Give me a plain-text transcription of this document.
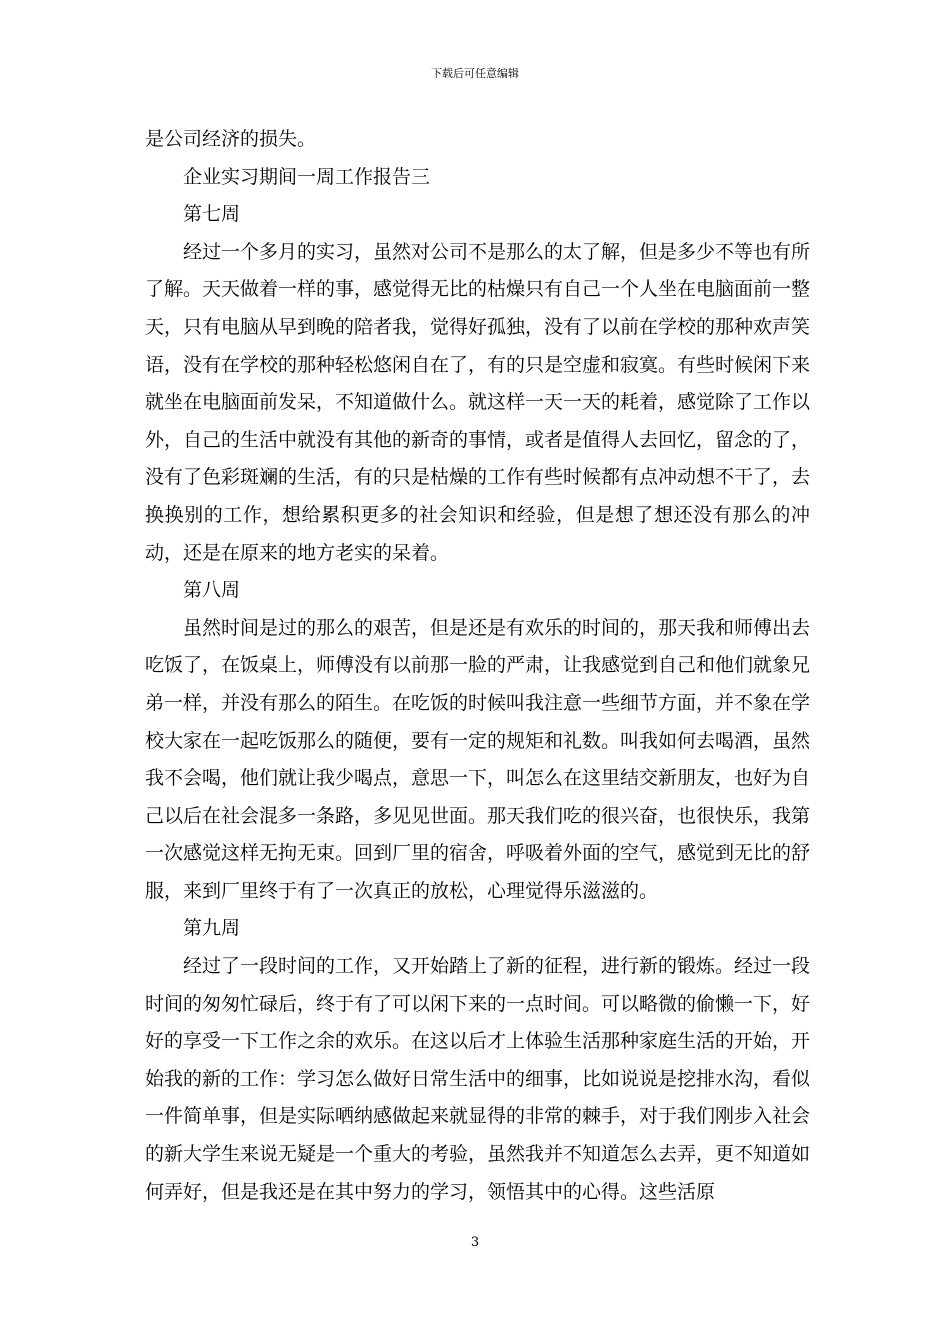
下载后可任意编辑

是公司经济的损失。

企业实习期间一周工作报告三

第七周

经过一个多月的实习，虽然对公司不是那么的太了解，但是多少不等也有所了解。天天做着一样的事，感觉得无比的枯燥只有自己一个人坐在电脑面前一整天，只有电脑从早到晚的陪者我，觉得好孤独，没有了以前在学校的那种欢声笑语，没有在学校的那种轻松悠闲自在了，有的只是空虚和寂寞。有些时候闲下来就坐在电脑面前发呆，不知道做什么。就这样一天一天的耗着，感觉除了工作以外，自己的生活中就没有其他的新奇的事情，或者是值得人去回忆，留念的了，没有了色彩斑斓的生活，有的只是枯燥的工作有些时候都有点冲动想不干了，去换换别的工作，想给累积更多的社会知识和经验，但是想了想还没有那么的冲动，还是在原来的地方老实的呆着。

第八周

虽然时间是过的那么的艰苦，但是还是有欢乐的时间的，那天我和师傅出去吃饭了，在饭桌上，师傅没有以前那一脸的严肃，让我感觉到自己和他们就象兄弟一样，并没有那么的陌生。在吃饭的时候叫我注意一些细节方面，并不象在学校大家在一起吃饭那么的随便，要有一定的规矩和礼数。叫我如何去喝酒，虽然我不会喝，他们就让我少喝点，意思一下，叫怎么在这里结交新朋友，也好为自己以后在社会混多一条路，多见见世面。那天我们吃的很兴奋，也很快乐，我第一次感觉这样无拘无束。回到厂里的宿舍，呼吸着外面的空气，感觉到无比的舒服，来到厂里终于有了一次真正的放松，心理觉得乐滋滋的。

第九周

经过了一段时间的工作，又开始踏上了新的征程，进行新的锻炼。经过一段时间的匆匆忙碌后，终于有了可以闲下来的一点时间。可以略微的偷懒一下，好好的享受一下工作之余的欢乐。在这以后才上体验生活那种家庭生活的开始，开始我的新的工作：学习怎么做好日常生活中的细事，比如说说是挖排水沟，看似一件简单事，但是实际哂纳感做起来就显得的非常的棘手，对于我们刚步入社会的新大学生来说无疑是一个重大的考验，虽然我并不知道怎么去弄，更不知道如何弄好，但是我还是在其中努力的学习，领悟其中的心得。这些活原

3
